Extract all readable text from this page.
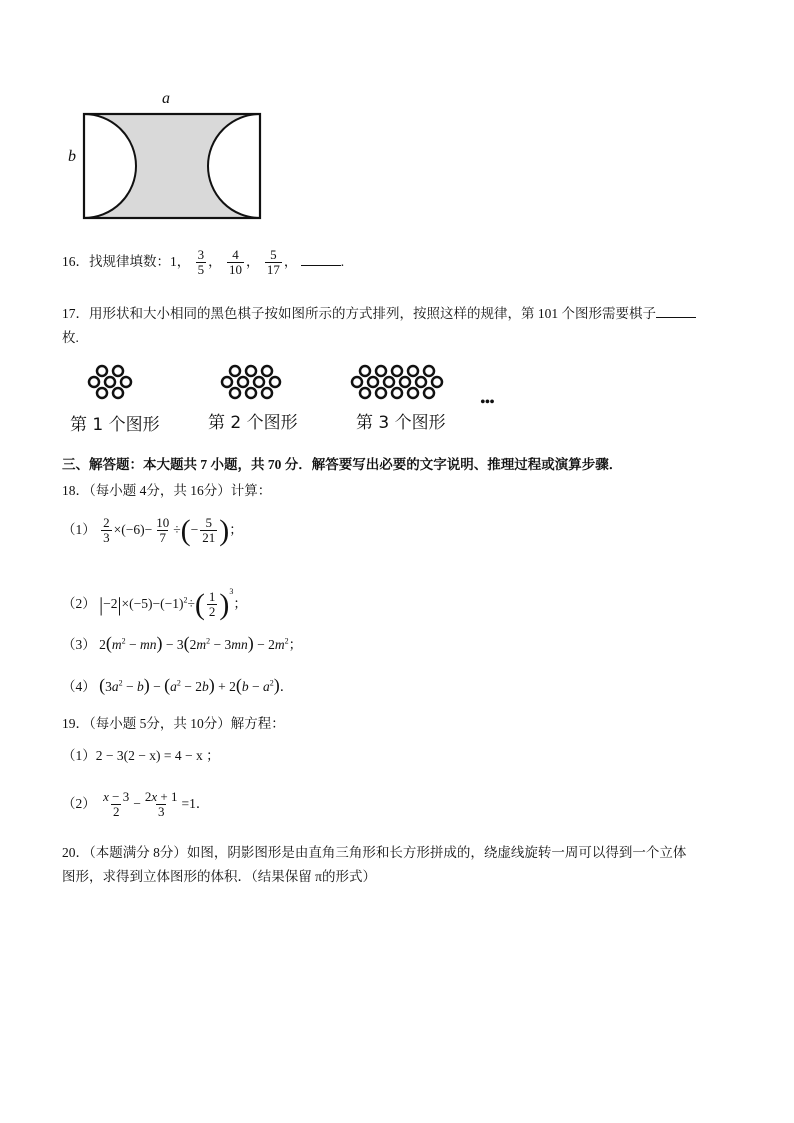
a
b
16．找规律填数：1， $\frac{3}{5}$ ， $\frac{4}{10}$ ， $\frac{5}{17}$ ，	.
17．用形状和大小相同的黑色棋子按如图所示的方式排列，按照这样的规律，第 101 个图形需要棋子
枚.
第 1 个图形	第 2 个图形	第 3 个图形
•••
三、解答题：本大题共 7 小题，共 70 分．解答要写出必要的文字说明、推理过程或演算步骤．
18．（每小题 4分，共 16分）计算：
$(1) \frac{2}{3} \times(-6)- \frac{10}{7}$ ÷(− $\frac{5}{21}$ )；
（2） $|-2|\times(-5)-(-1)^2\div( \frac{1}{2} )^3$；
（3） $2(m^2 - mn) - 3(2m^2 - 3mn) - 2m^2$；
（4） $(3a^2 - b) - (a^2 - 2b) + 2(b - a^2)$．
19．（每小题 5分，共 10分）解方程：
（1）2 − 3(2 − x) = 4 − x ；
$(2) \frac{x - 3}{2} - \frac{2x + 1}{3} =1$．
20．（本题满分 8分）如图，阴影图形是由直角三角形和长方形拼成的，绕虚线旋转一周可以得到一个立体
图形，求得到立体图形的体积．（结果保留 π的形式）
